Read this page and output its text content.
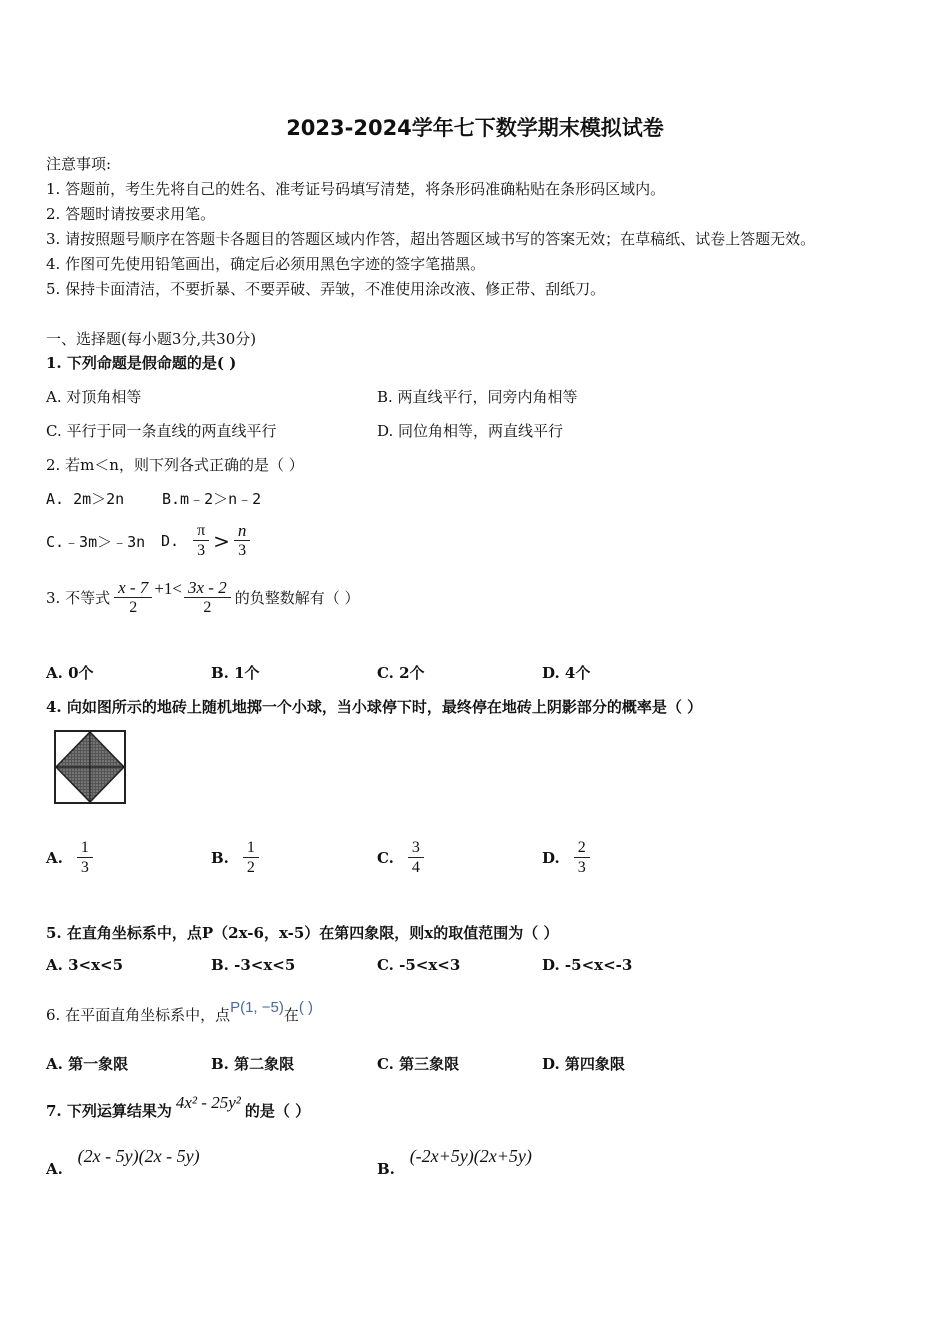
2023-2024学年七下数学期末模拟试卷
注意事项:
1. 答题前，考生先将自己的姓名、准考证号码填写清楚，将条形码准确粘贴在条形码区域内。
2. 答题时请按要求用笔。
3. 请按照题号顺序在答题卡各题目的答题区域内作答，超出答题区域书写的答案无效；在草稿纸、试卷上答题无效。
4. 作图可先使用铅笔画出，确定后必须用黑色字迹的签字笔描黑。
5. 保持卡面清洁，不要折暴、不要弄破、弄皱，不准使用涂改液、修正带、刮纸刀。
一、选择题(每小题3分,共30分)
1. 下列命题是假命题的是( )
A. 对顶角相等	B. 两直线平行，同旁内角相等
C. 平行于同一条直线的两直线平行	D. 同位角相等，两直线平行
2. 若m＜n，则下列各式正确的是（ ）
A. 2m＞2n	B.m﹣2＞n﹣2
C.﹣3m＞﹣3n D. $\frac{\pi}{3} > \frac{n}{3}$
3. 不等式 $\frac{x - 7}{2} +1< \frac{3x - 2}{2}$ 的负整数解有（ ）
A. 0个	B. 1个	C. 2个	D. 4个
4. 向如图所示的地砖上随机地掷一个小球，当小球停下时，最终停在地砖上阴影部分的概率是（ ）
A. $\frac{1}{3}$	B. $\frac{1}{2}$	C. $\frac{3}{4}$	D. $\frac{2}{3}$
5. 在直角坐标系中，点P（2x-6，x-5）在第四象限，则x的取值范围为（ ）
A. 3<x<5	B. -3<x<5	C. -5<x<3	D. -5<x<-3
6. 在平面直角坐标系中，点P(1, −5)在( )
A. 第一象限	B. 第二象限	C. 第三象限	D. 第四象限
7. 下列运算结果为 4x² - 25y² 的是（ ）
A. (2x - 5y)(2x - 5y)
B. (-2x+5y)(2x+5y)
